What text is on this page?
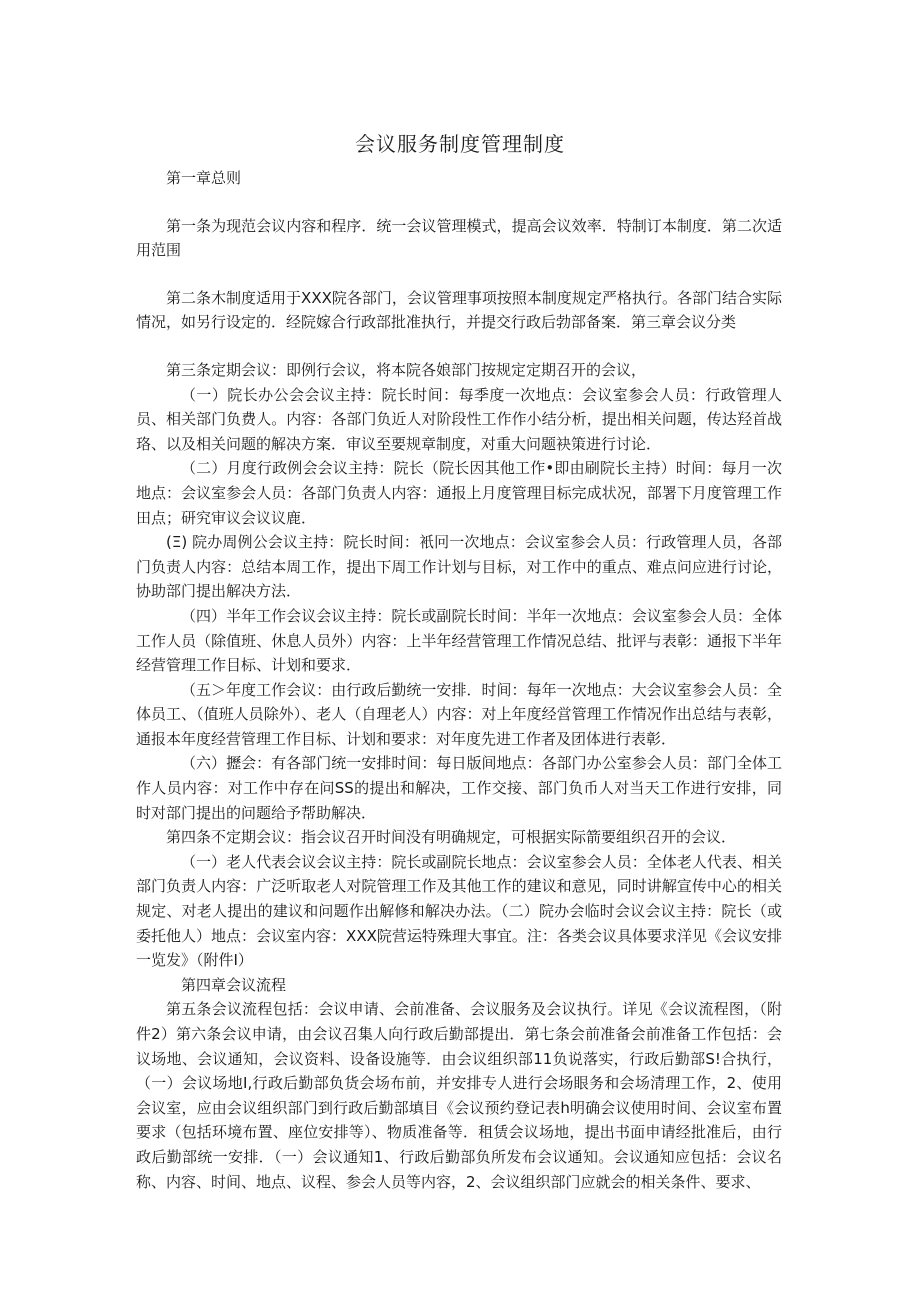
会议服务制度管理制度

第一章总则

第一条为现范会议内容和程序．统一会议管理模式，提高会议效率．特制订本制度．第二次适用范围

第二条木制度适用于XXX院各部门，会议管理事项按照本制度规定严格执行。各部门结合实际情况，如另行设定的．经院嫁合行政部批准执行，并提交行政后勃部备案．第三章会议分类

第三条定期会议：即例行会议，将本院各娘部门按规定定期召开的会议，

（一）院长办公会会议主持：院长时间：每季度一次地点：会议室参会人员：行政管理人员、相关部门负费人。内容：各部门负近人对阶段性工作作小结分析，提出相关问题，传达羟首战珞、以及相关问题的解决方案．审议至要规章制度，对重大问题袂策进行讨论．

（二）月度行政例会会议主持：院长（院长因其他工作•即由刷院长主持）时间：每月一次地点：会议室参会人员：各部门负责人内容：通报上月度管理目标完成状况，部署下月度管理工作田点；研究审议会议议鹿．

(Ξ) 院办周例公会议主持：院长时间：衹冋一次地点：会议室参会人员：行政管理人员，各部门负责人内容：总结本周工作，提出下周工作计划与目标，对工作中的重点、难点问应进行讨论，协助部门提出解决方法．

（四）半年工作会议会议主持：院长或副院长时间：半年一次地点：会议室参会人员：全体工作人员（除值班、休息人员外）内容：上半年经营管理工作情况总结、批评与表彰：通报下半年经营管理工作目标、计划和要求．

（五＞年度工作会议：由行政后勤统一安排．时间：每年一次地点：大会议室参会人员：全体员工、（值班人员除外）、老人（自理老人）内容：对上年度经営管理工作情况作出总结与表彰，通报本年度经营管理工作目标、计划和要求：对年度先进工作者及团体进行表彰．

（六）攊会：有各部门统一安排时间：每日版间地点：各部门办公室参会人员：部门全体工作人员内容：对工作中存在问SS的提出和解决，工作交接、部门负币人对当天工作进行安排，同时对部门提出的问题给予帮助解决．

第四条不定期会议：指会议召开时间没有明确规定，可根据实际箭要组织召开的会议．

（一）老人代表会议会议主持：院长或副院长地点：会议室参会人员：全体老人代表、相关部门负责人内容：广泛听取老人对院管理工作及其他工作的建议和意见，同时讲解宣传中心的相关规定、对老人提出的建议和问题作出解修和解决办法。（二）院办会临时会议会议主持：院长（或委托他人）地点：会议室内容：XXX院营运特殊理大事宜。注：各类会议具体要求洋见《会议安排一览发》（附件I）

第四章会议流程

第五条会议流程包括：会议申请、会前准备、会议服务及会议执行。详见《会议流程图，（附件2）第六条会议申请，由会议召集人向行政后勤部提出．第七条会前准备会前准备工作包括：会议场地、会议通知，会议资料、设备设施等．由会议组织部11负说落实，行政后勤部S!合执行，（一）会议场地I,行政后勤部负货会场布前，并安排专人进行会场眼务和会场清理工作，2、使用会议室，应由会议组织部门到行政后勤部填目《会议预约登记表h明确会议使用时间、会议室布置要求（包括环境布置、座位安排等）、物质准备等．租赁会议场地，提出书面申请经批准后，由行政后勤部统一安排．（一）会议通知1、行政后勤部负所发布会议通知。会议通知应包括：会议名称、内容、时间、地点、议程、参会人员等内容，2、会议组织部门应就会的相关条件、要求、
